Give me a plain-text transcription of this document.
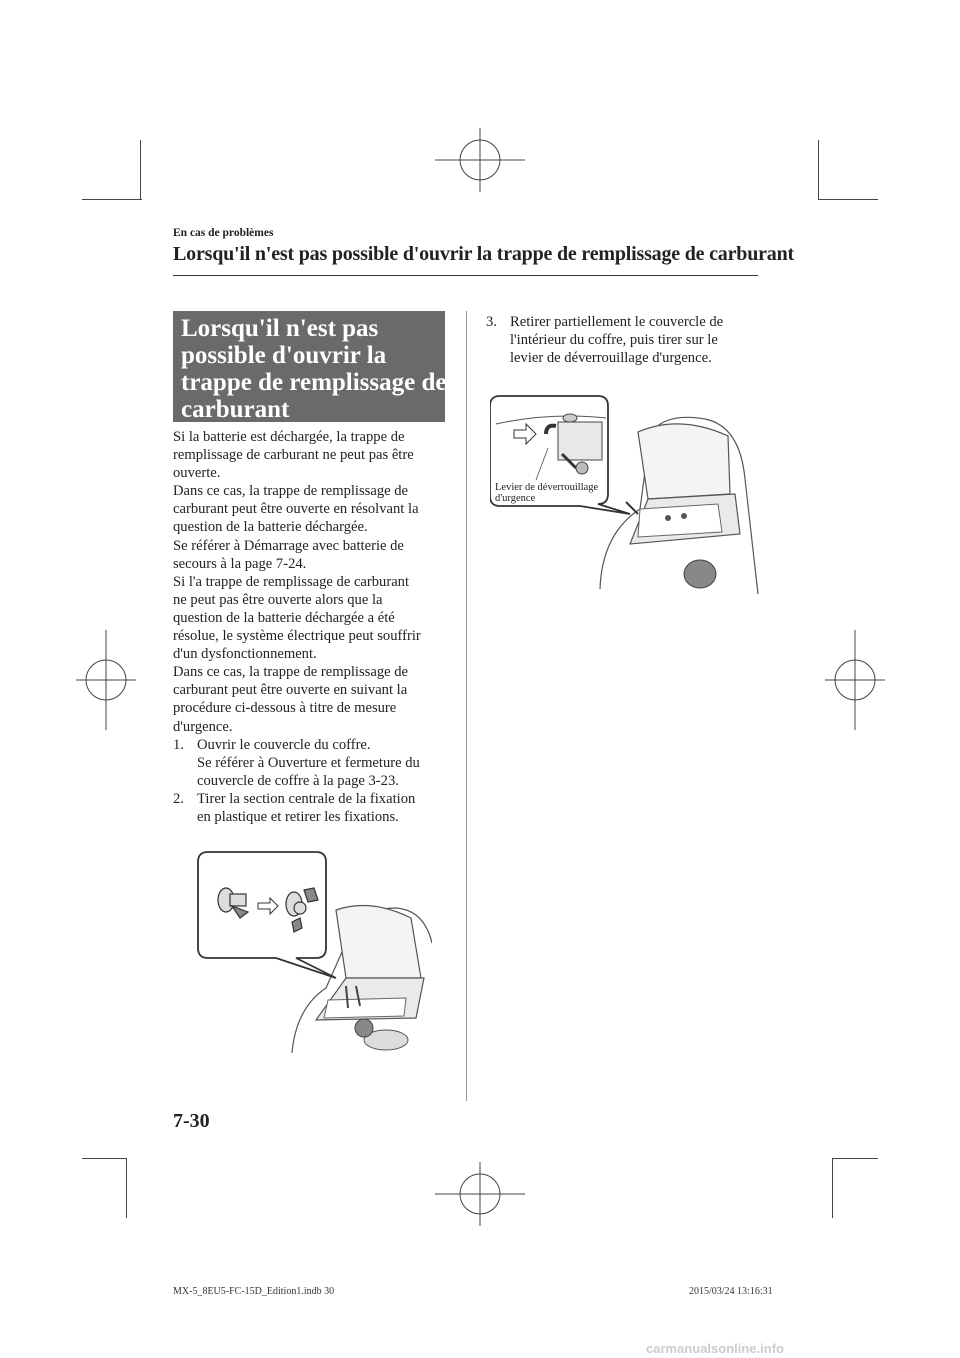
En cas de problèmes
Lorsqu'il n'est pas possible d'ouvrir la trappe de remplissage de carburant
Lorsqu'il n'est pas
possible d'ouvrir la
trappe de remplissage de
carburant
Si la batterie est déchargée, la trappe de
remplissage de carburant ne peut pas être
ouverte.
Dans ce cas, la trappe de remplissage de
carburant peut être ouverte en résolvant la
question de la batterie déchargée.
Se référer à Démarrage avec batterie de
secours à la page 7-24.
Si l'a trappe de remplissage de carburant
ne peut pas être ouverte alors que la
question de la batterie déchargée a été
résolue, le système électrique peut souffrir
d'un dysfonctionnement.
Dans ce cas, la trappe de remplissage de
carburant peut être ouverte en suivant la
procédure ci-dessous à titre de mesure
d'urgence.
1. Ouvrir le couvercle du coffre.
Se référer à Ouverture et fermeture du
couvercle de coffre à la page 3-23.
2. Tirer la section centrale de la fixation
en plastique et retirer les fixations.
3. Retirer partiellement le couvercle de
l'intérieur du coffre, puis tirer sur le
levier de déverrouillage d'urgence.
Levier de déverrouillage
d'urgence
7-30
MX-5_8EU5-FC-15D_Edition1.indb 30	2015/03/24 13:16:31
carmanualsonline.info
